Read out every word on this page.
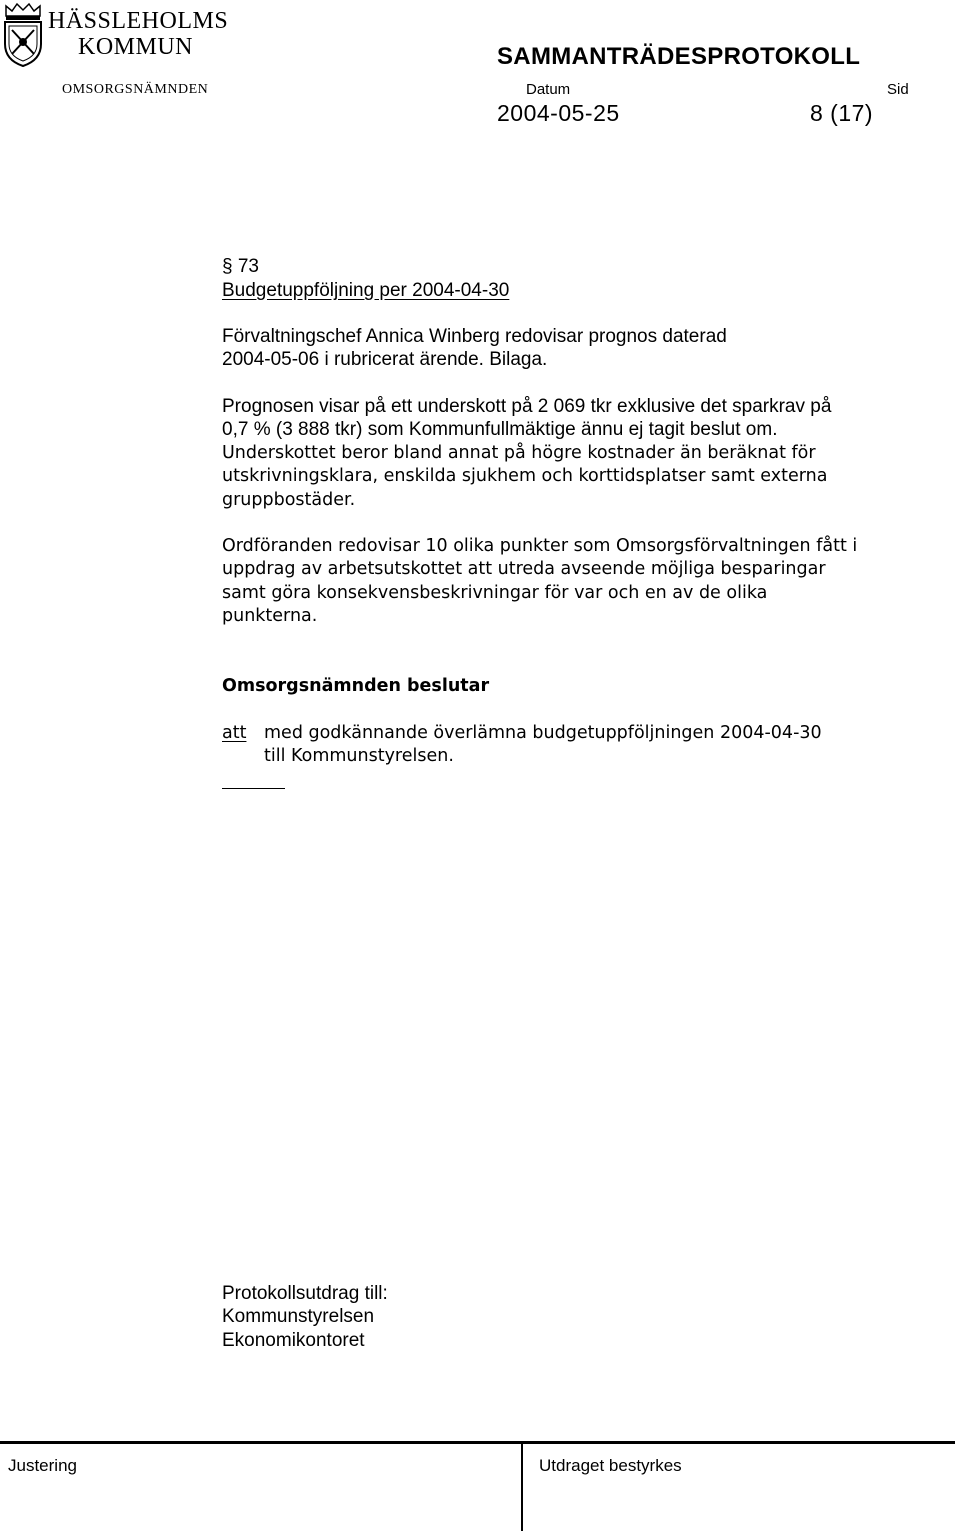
HÄSSLEHOLMS
KOMMUN	SAMMANTRÄDESPROTOKOLL
OMSORGSNÄMNDEN	Datum	Sid
2004-05-25	8 (17)
§ 73
Budgetuppföljning per 2004-04-30
Förvaltningschef Annica Winberg redovisar prognos daterad
2004-05-06 i rubricerat ärende. Bilaga.
Prognosen visar på ett underskott på 2 069 tkr exklusive det sparkrav på
0,7 % (3 888 tkr) som Kommunfullmäktige ännu ej tagit beslut om.
Underskottet beror bland annat på högre kostnader än beräknat för
utskrivningsklara, enskilda sjukhem och korttidsplatser samt externa
gruppbostäder.
Ordföranden redovisar 10 olika punkter som Omsorgsförvaltningen fått i
uppdrag av arbetsutskottet att utreda avseende möjliga besparingar
samt göra konsekvensbeskrivningar för var och en av de olika
punkterna.
Omsorgsnämnden beslutar
att med godkännande överlämna budgetuppföljningen 2004-04-30
till Kommunstyrelsen.
Protokollsutdrag till:
Kommunstyrelsen
Ekonomikontoret
Justering	Utdraget bestyrkes
